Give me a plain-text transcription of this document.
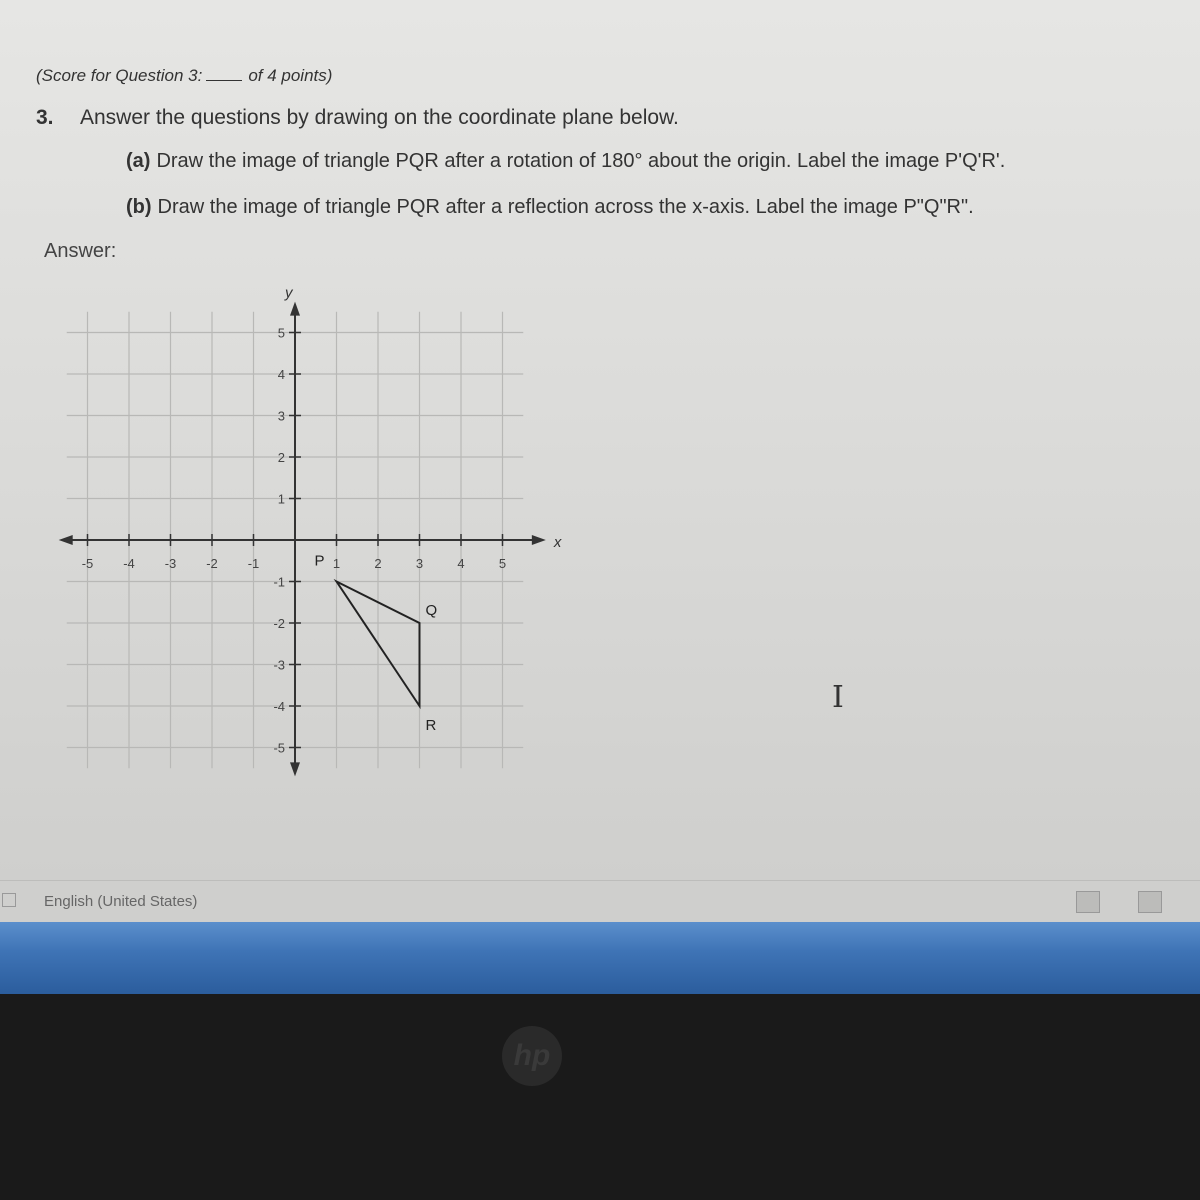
(Score for Question 3:	of 4 points)
3. Answer the questions by drawing on the coordinate plane below.
(a) Draw the image of triangle PQR after a rotation of 180° about the origin. Label the image P'Q'R'.
(b) Draw the image of triangle PQR after a reflection across the x-axis. Label the image P"Q"R".
Answer:
x
y
-5 -4 -3 -2 -1	1	2	3	4	5
5
4
3
2
1
-1
-2
-3
-4
-5
P
Q
R
I
English (United States)
hp
